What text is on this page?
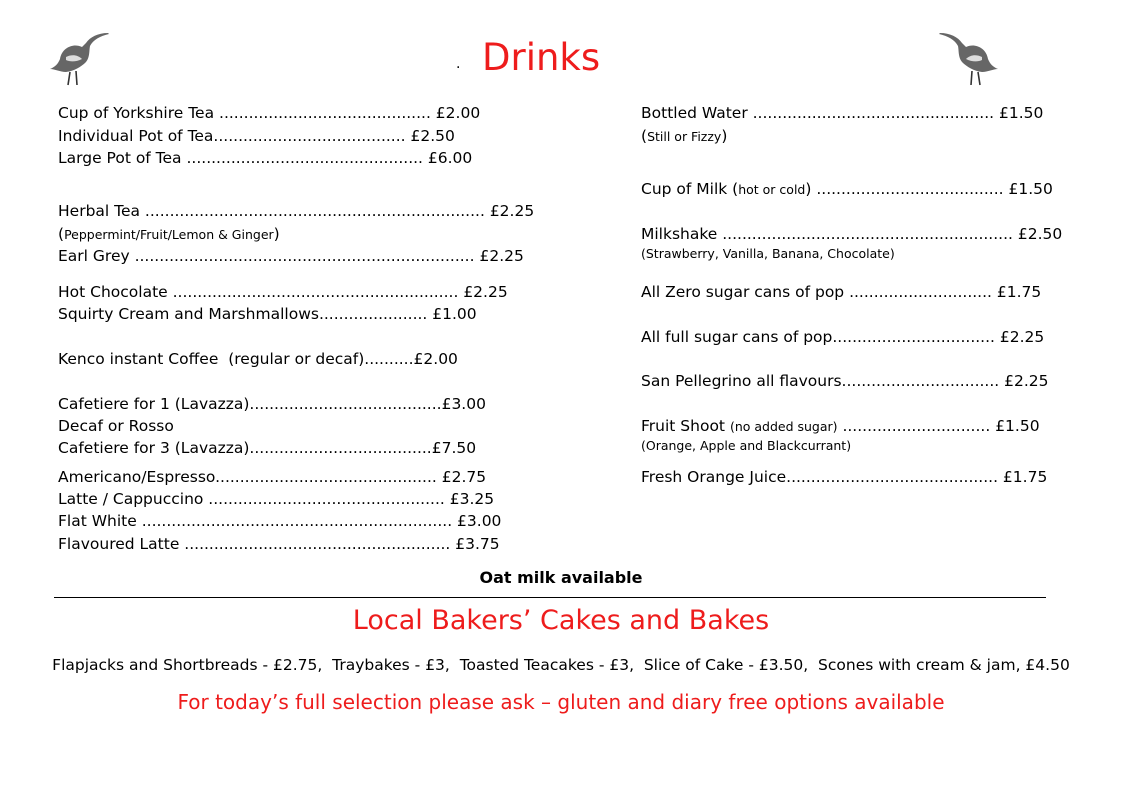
. Drinks
Cup of Yorkshire Tea ........................................... £2.00
Individual Pot of Tea....................................... £2.50
Large Pot of Tea ................................................ £6.00
Herbal Tea ..................................................................... £2.25
(Peppermint/Fruit/Lemon & Ginger)
Earl Grey ..................................................................... £2.25
Hot Chocolate .......................................................... £2.25
Squirty Cream and Marshmallows...................... £1.00
Kenco instant Coffee  (regular or decaf)..........£2.00
Cafetiere for 1 (Lavazza).......................................£3.00
Decaf or Rosso
Cafetiere for 3 (Lavazza).....................................£7.50
Americano/Espresso............................................. £2.75
Latte / Cappuccino ................................................ £3.25
Flat White ............................................................... £3.00
Flavoured Latte ...................................................... £3.75
Bottled Water ................................................. £1.50
(Still or Fizzy)
Cup of Milk (hot or cold) ...................................... £1.50
Milkshake ........................................................... £2.50
(Strawberry, Vanilla, Banana, Chocolate)
All Zero sugar cans of pop ............................. £1.75
All full sugar cans of pop................................. £2.25
San Pellegrino all flavours................................ £2.25
Fruit Shoot (no added sugar) .............................. £1.50
(Orange, Apple and Blackcurrant)
Fresh Orange Juice........................................... £1.75
Oat milk available
Local Bakers’ Cakes and Bakes
Flapjacks and Shortbreads - £2.75,  Traybakes - £3,  Toasted Teacakes - £3,  Slice of Cake - £3.50,  Scones with cream & jam, £4.50
For today’s full selection please ask – gluten and diary free options available
